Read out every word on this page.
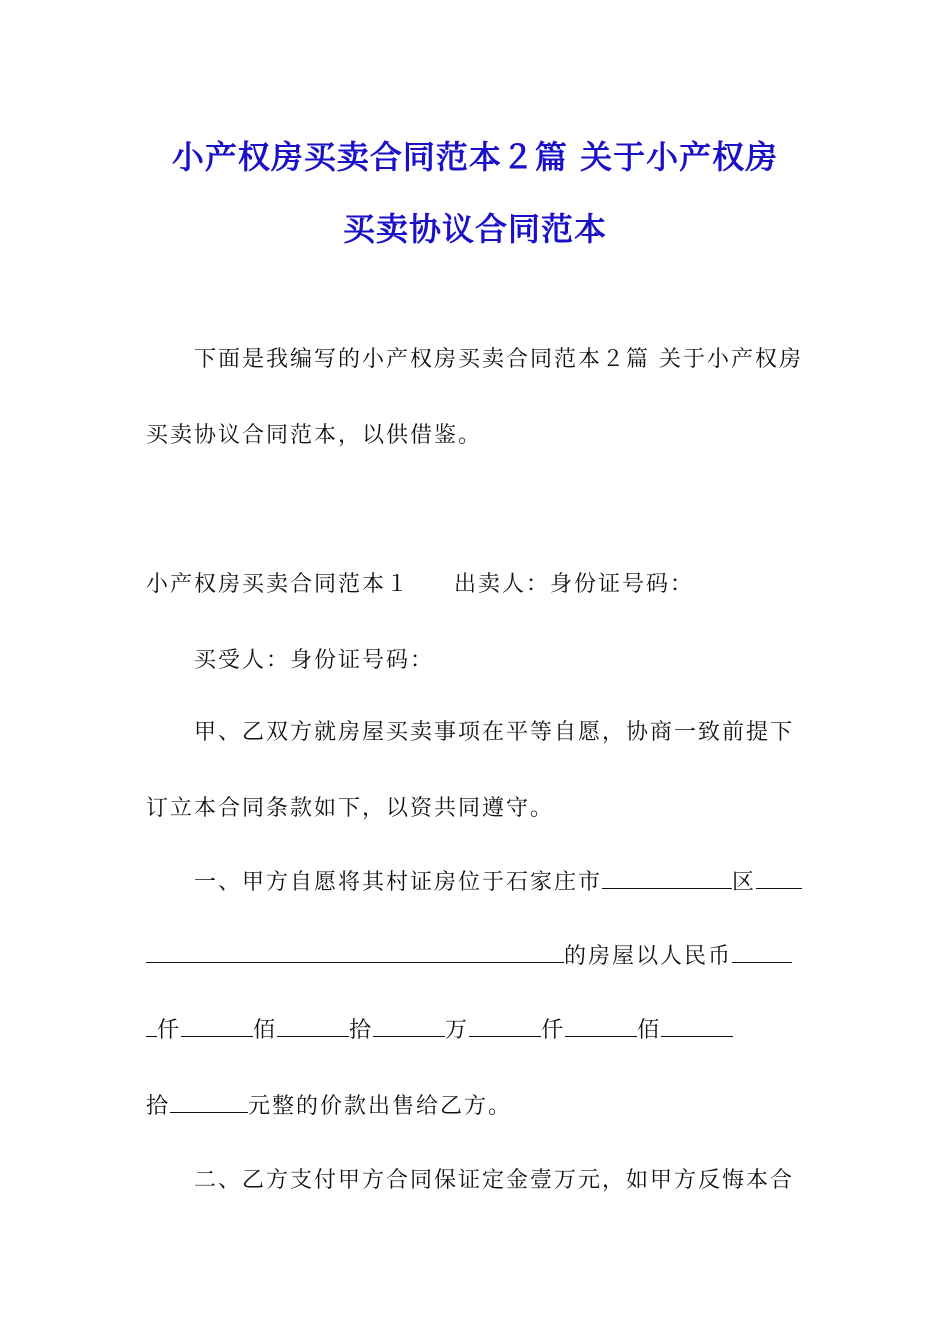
小产权房买卖合同范本２篇 关于小产权房
买卖协议合同范本
下面是我编写的小产权房买卖合同范本２篇 关于小产权房
买卖协议合同范本，以供借鉴。
小产权房买卖合同范本１ 出卖人：身份证号码：
买受人：身份证号码：
甲、乙双方就房屋买卖事项在平等自愿，协商一致前提下
订立本合同条款如下，以资共同遵守。
一、甲方自愿将其村证房位于石家庄市	区
的房屋以人民币
仟	佰	拾	万	仟	佰
拾	元整的价款出售给乙方。
二、乙方支付甲方合同保证定金壹万元，如甲方反悔本合
